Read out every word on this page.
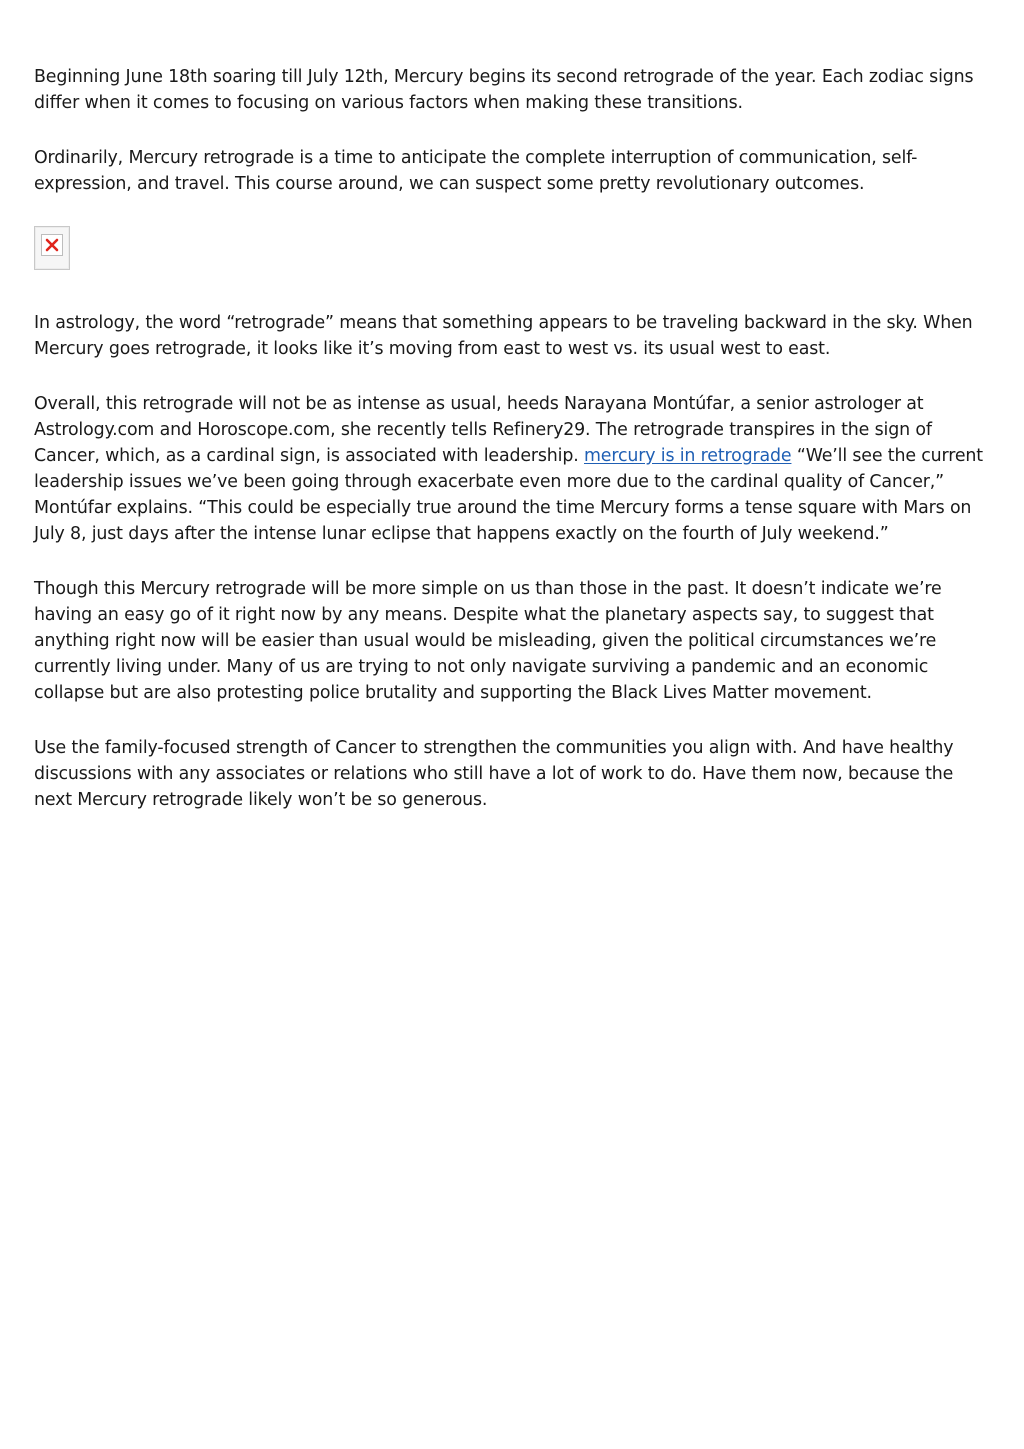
Beginning June 18th soaring till July 12th, Mercury begins its second retrograde of the year. Each zodiac signs differ when it comes to focusing on various factors when making these transitions.

Ordinarily, Mercury retrograde is a time to anticipate the complete interruption of communication, self-expression, and travel. This course around, we can suspect some pretty revolutionary outcomes.

In astrology, the word “retrograde” means that something appears to be traveling backward in the sky. When Mercury goes retrograde, it looks like it’s moving from east to west vs. its usual west to east.

Overall, this retrograde will not be as intense as usual, heeds Narayana Montúfar, a senior astrologer at Astrology.com and Horoscope.com, she recently tells Refinery29. The retrograde transpires in the sign of Cancer, which, as a cardinal sign, is associated with leadership. mercury is in retrograde “We’ll see the current leadership issues we’ve been going through exacerbate even more due to the cardinal quality of Cancer,” Montúfar explains. “This could be especially true around the time Mercury forms a tense square with Mars on July 8, just days after the intense lunar eclipse that happens exactly on the fourth of July weekend.”

Though this Mercury retrograde will be more simple on us than those in the past. It doesn’t indicate we’re having an easy go of it right now by any means. Despite what the planetary aspects say, to suggest that anything right now will be easier than usual would be misleading, given the political circumstances we’re currently living under. Many of us are trying to not only navigate surviving a pandemic and an economic collapse but are also protesting police brutality and supporting the Black Lives Matter movement.

Use the family-focused strength of Cancer to strengthen the communities you align with. And have healthy discussions with any associates or relations who still have a lot of work to do. Have them now, because the next Mercury retrograde likely won’t be so generous.
